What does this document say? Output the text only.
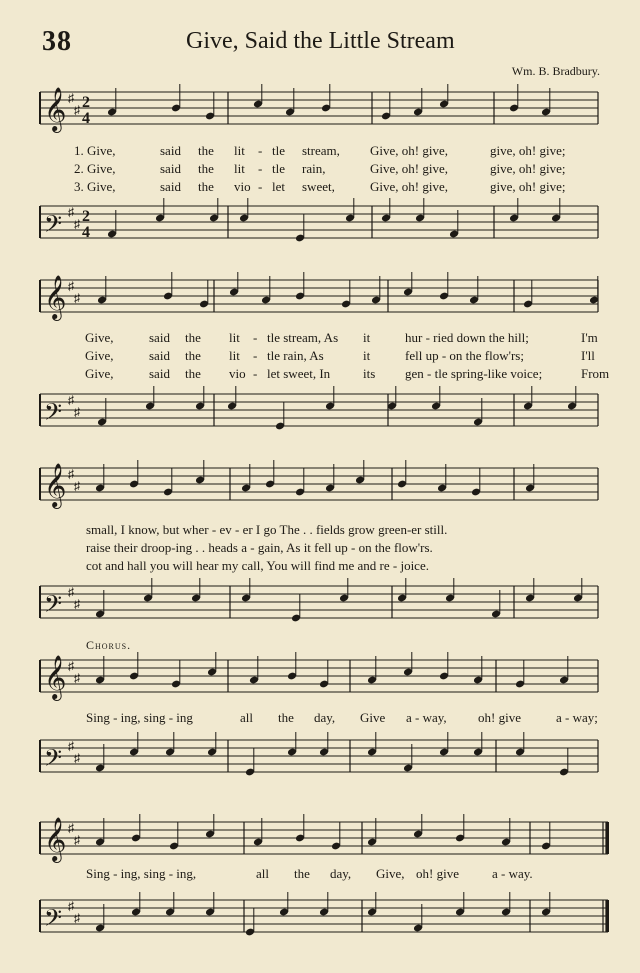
38	Give, Said the Little Stream
Wm. B. Bradbury.
𝄞 ♯
♯ 2
4
𝄢 ♯
♯ 2
4
𝄞 ♯
♯
𝄢 ♯
♯
𝄞 ♯
♯
𝄢 ♯
♯
Chorus.
𝄞 ♯
♯
𝄢 ♯
♯
𝄞 ♯
♯
𝄢 ♯
♯
1. Give,	said the lit - tle stream, Give, oh! give,	give, oh! give;
2. Give,	said the lit - tle rain,	Give, oh! give,	give, oh! give;
3. Give,	said the vio - let sweet,	Give, oh! give,	give, oh! give;
Give,	said the lit - tle stream, As it	hur - ried down the hill;	I'm
Give,	said the lit - tle rain, As	it	fell up - on the flow'rs;	I'll
Give,	said the vio - let sweet, In	its gen - tle spring-like voice;	From
small, I know, but wher - ev - er I go The . . fields grow green-er still.
raise their droop-ing . . heads a - gain, As it fell up - on the flow'rs.
cot and hall you will hear my call, You will find me and re - joice.
Sing - ing, sing - ing	all the day, Give a - way, oh! give	a - way;
Sing - ing, sing - ing,	all the day, Give, oh! give	a - way.
